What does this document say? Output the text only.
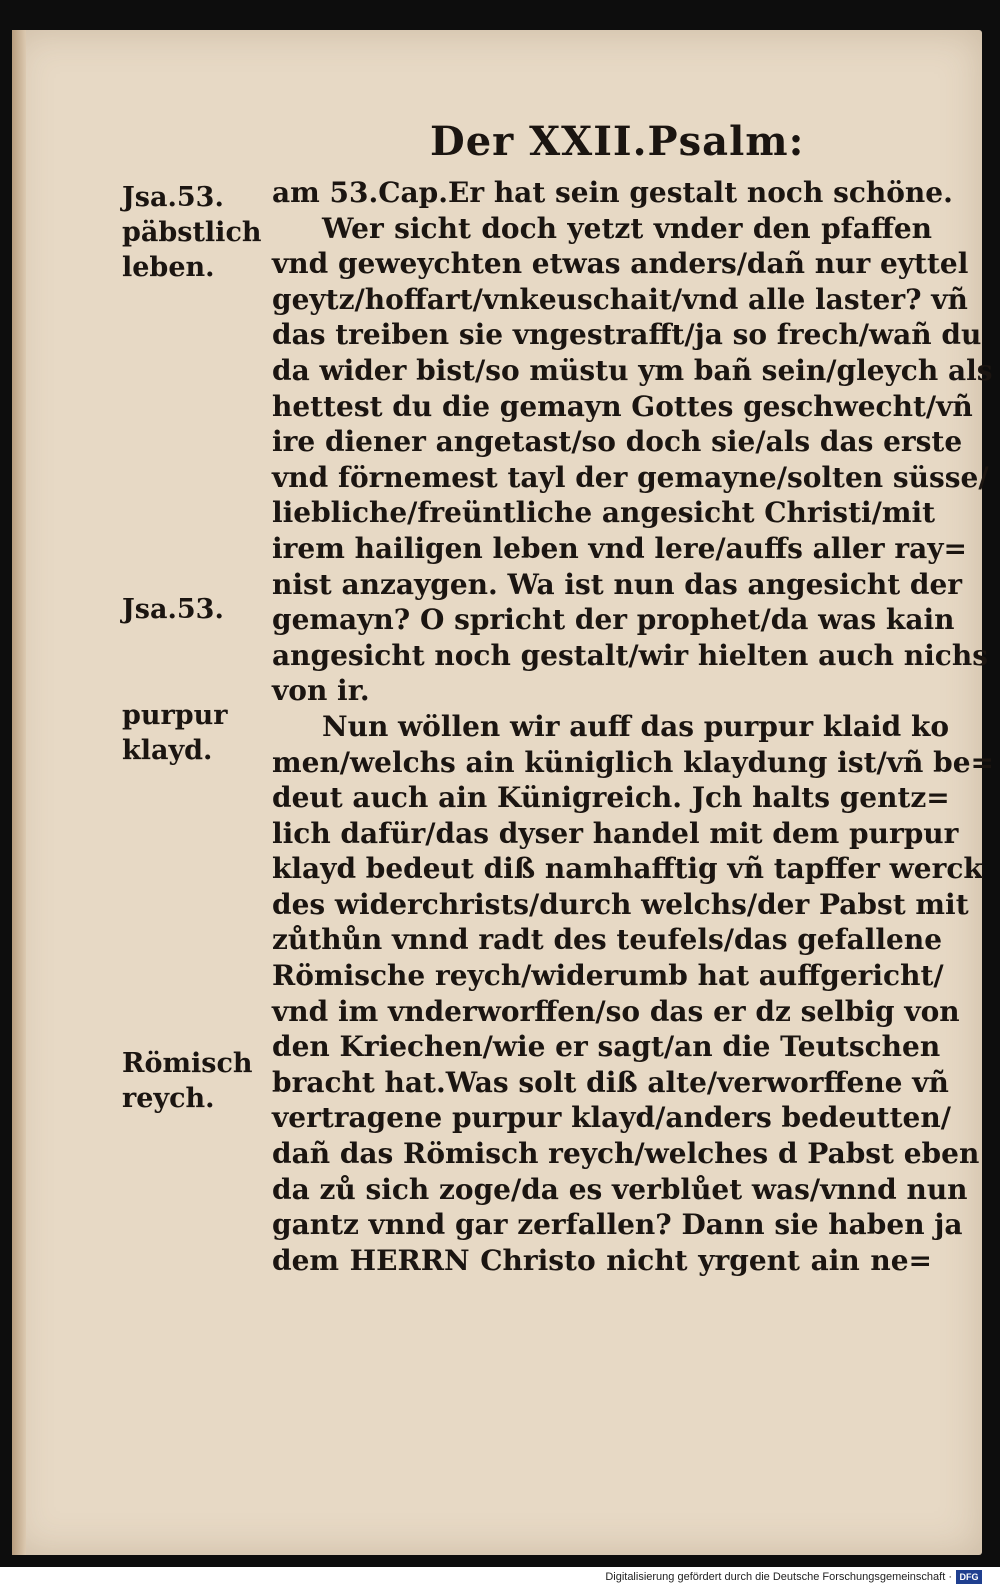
Der XXII.Psalm:
Jsa.53.
päbstlich leben.
Jsa.53.
purpur klayd.
Römisch reych.
am 53.Cap.Er hat sein gestalt noch schöne.
Wer sicht doch yetzt vnder den pfaffen
vnd geweychten etwas anders/dañ nur eyttel
geytz/hoffart/vnkeuschait/vnd alle laster? vñ
das treiben sie vngestrafft/ja so frech/wañ du
da wider bist/so müstu ym bañ sein/gleych als
hettest du die gemayn Gottes geschwecht/vñ
ire diener angetast/so doch sie/als das erste
vnd förnemest tayl der gemayne/solten süsse/
liebliche/freüntliche angesicht Christi/mit
irem hailigen leben vnd lere/auffs aller ray=
nist anzaygen. Wa ist nun das angesicht der
gemayn? O spricht der prophet/da was kain
angesicht noch gestalt/wir hielten auch nichs
von ir.
Nun wöllen wir auff das purpur klaid ko
men/welchs ain küniglich klaydung ist/vñ be=
deut auch ain Künigreich. Jch halts gentz=
lich dafür/das dyser handel mit dem purpur
klayd bedeut diß namhafftig vñ tapffer werck
des widerchrists/durch welchs/der Pabst mit
zůthůn vnnd radt des teufels/das gefallene
Römische reych/widerumb hat auffgericht/
vnd im vnderworffen/so das er dz selbig von
den Kriechen/wie er sagt/an die Teutschen
bracht hat.Was solt diß alte/verworffene vñ
vertragene purpur klayd/anders bedeutten/
dañ das Römisch reych/welches d Pabst eben
da zů sich zoge/da es verblůet was/vnnd nun
gantz vnnd gar zerfallen? Dann sie haben ja
dem HERRN Christo nicht yrgent ain ne=
Digitalisierung gefördert durch die Deutsche Forschungsgemeinschaft · DFG
